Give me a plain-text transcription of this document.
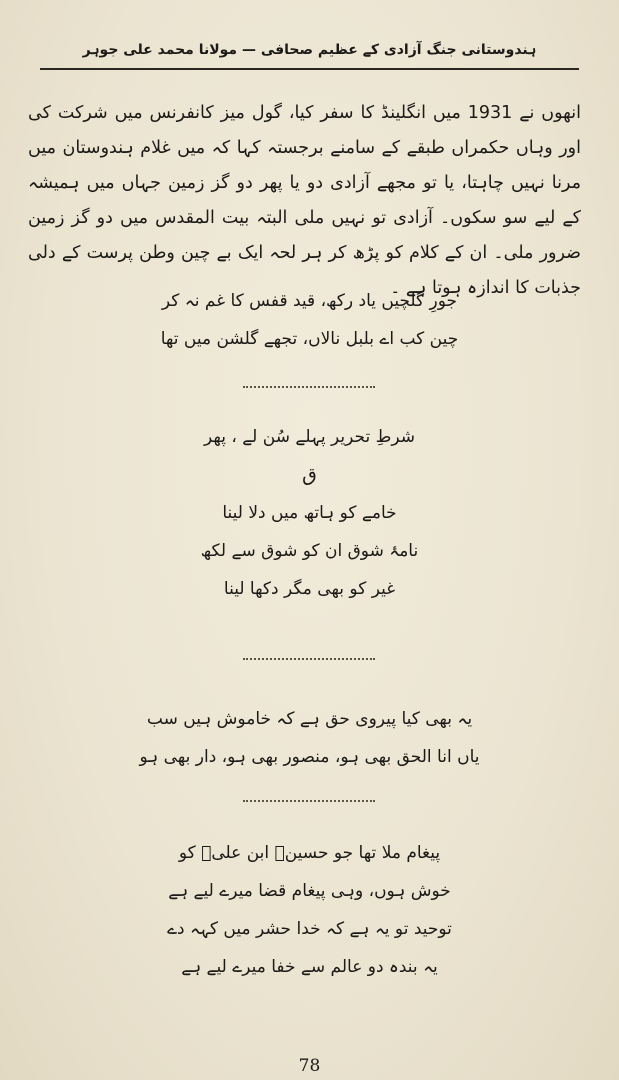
ہندوستانی جنگ آزادی کے عظیم صحافی — مولانا محمد علی جوہر

انھوں نے 1931 میں انگلینڈ کا سفر کیا، گول میز کانفرنس میں شرکت کی اور وہاں حکمراں طبقے کے سامنے برجستہ کہا کہ میں غلام ہندوستان میں مرنا نہیں چاہتا، یا تو مجھے آزادی دو یا پھر دو گز زمین جہاں میں ہمیشہ کے لیے سو سکوں۔ آزادی تو نہیں ملی البتہ بیت المقدس میں دو گز زمین ضرور ملی۔ ان کے کلام کو پڑھ کر ہر لحہ ایک بے چین وطن پرست کے دلی جذبات کا اندازہ ہوتا ہے ۔

جورِ گلچیں یاد رکھ، قید قفس کا غم نہ کر
چین کب اے بلبل نالاں، تجھے گلشن میں تھا
شرطِ تحریر پہلے سُن لے ، پھر
ق
خامے کو ہاتھ میں دلا لینا
نامۂ شوق ان کو شوق سے لکھ
غیر کو بھی مگر دکھا لینا
یہ بھی کیا پیروی حق ہے کہ خاموش ہیں سب
یاں انا الحق بھی ہو، منصور بھی ہو، دار بھی ہو
پیغام ملا تھا جو حسینؑ ابن علیؑ کو
خوش ہوں، وہی پیغام قضا میرے لیے ہے
توحید تو یہ ہے کہ خدا حشر میں کہہ دے
یہ بندہ دو عالم سے خفا میرے لیے ہے
78
